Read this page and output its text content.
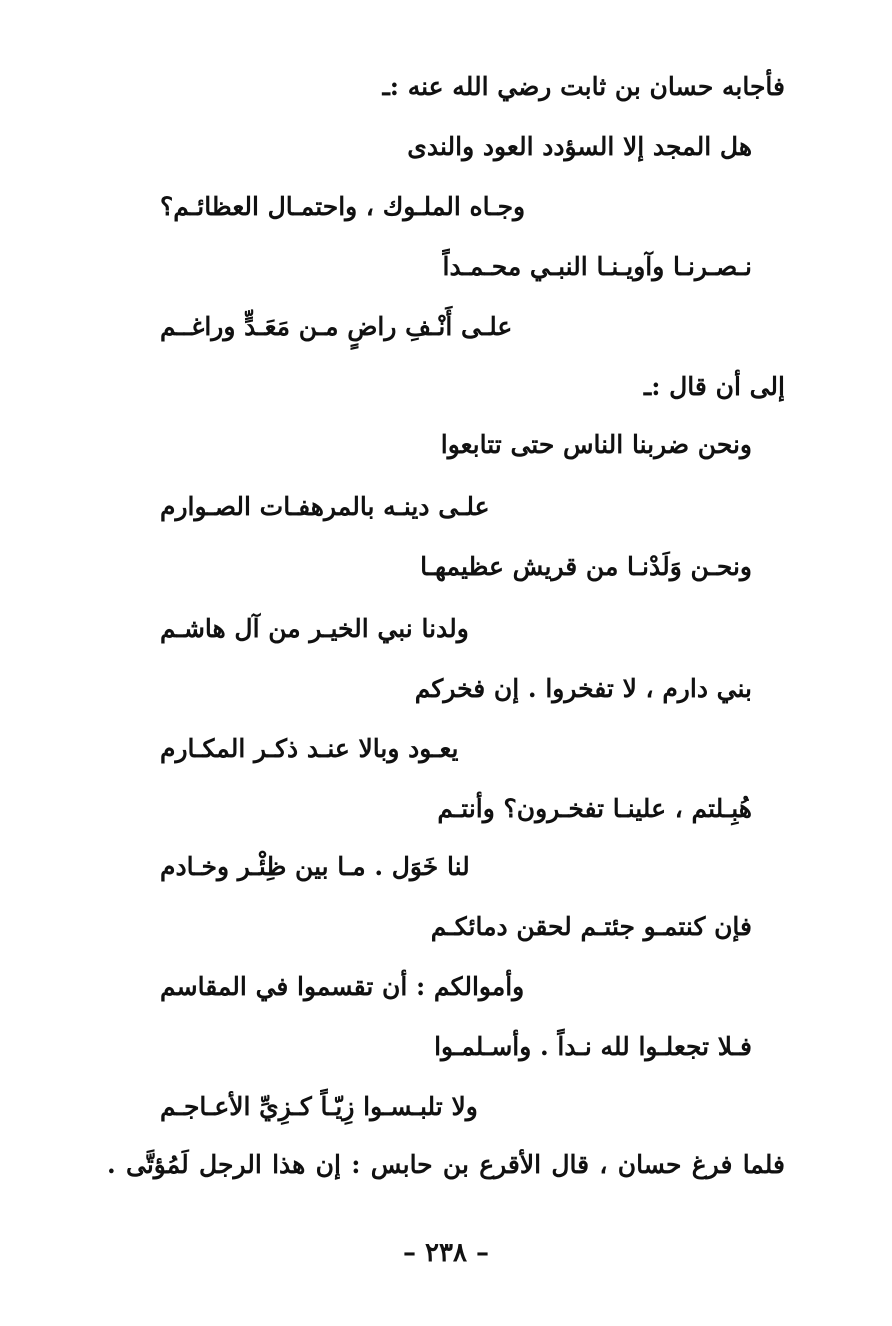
فأجابه حسان بن ثابت رضي الله عنه :ـ
هل المجد إلا السؤدد العود والندى
وجـاه الملـوك ، واحتمـال العظائـم؟
نـصـرنـا وآويـنـا النبـي محـمـداً
علـى أَنْـفِ راضٍ مـن مَعَـدٍّ وراغــم
إلى أن قال :ـ
ونحن ضربنا الناس حتى تتابعوا
علـى دينـه بالمرهفـات الصـوارم
ونحـن وَلَدْنـا من قريش عظيمهـا
ولدنا نبي الخيـر من آل هاشـم
بني دارم ، لا تفخروا . إن فخركم
يعـود وبالا عنـد ذكـر المكـارم
هُبِـلتم ، علينـا تفخـرون؟ وأنتـم
لنا خَوَل . مـا بين ظِئْـر وخـادم
فإن كنتمـو جئتـم لحقن دمائكـم
وأموالكم : أن تقسموا في المقاسم
فـلا تجعلـوا لله نـداً . وأسـلمـوا
ولا تلبـسـوا زِيّـاً كـزِيِّ الأعـاجـم
فلما فرغ حسان ، قال الأقرع بن حابس : إن هذا الرجل لَمُؤتَّى .
– ٢٣٨ –
